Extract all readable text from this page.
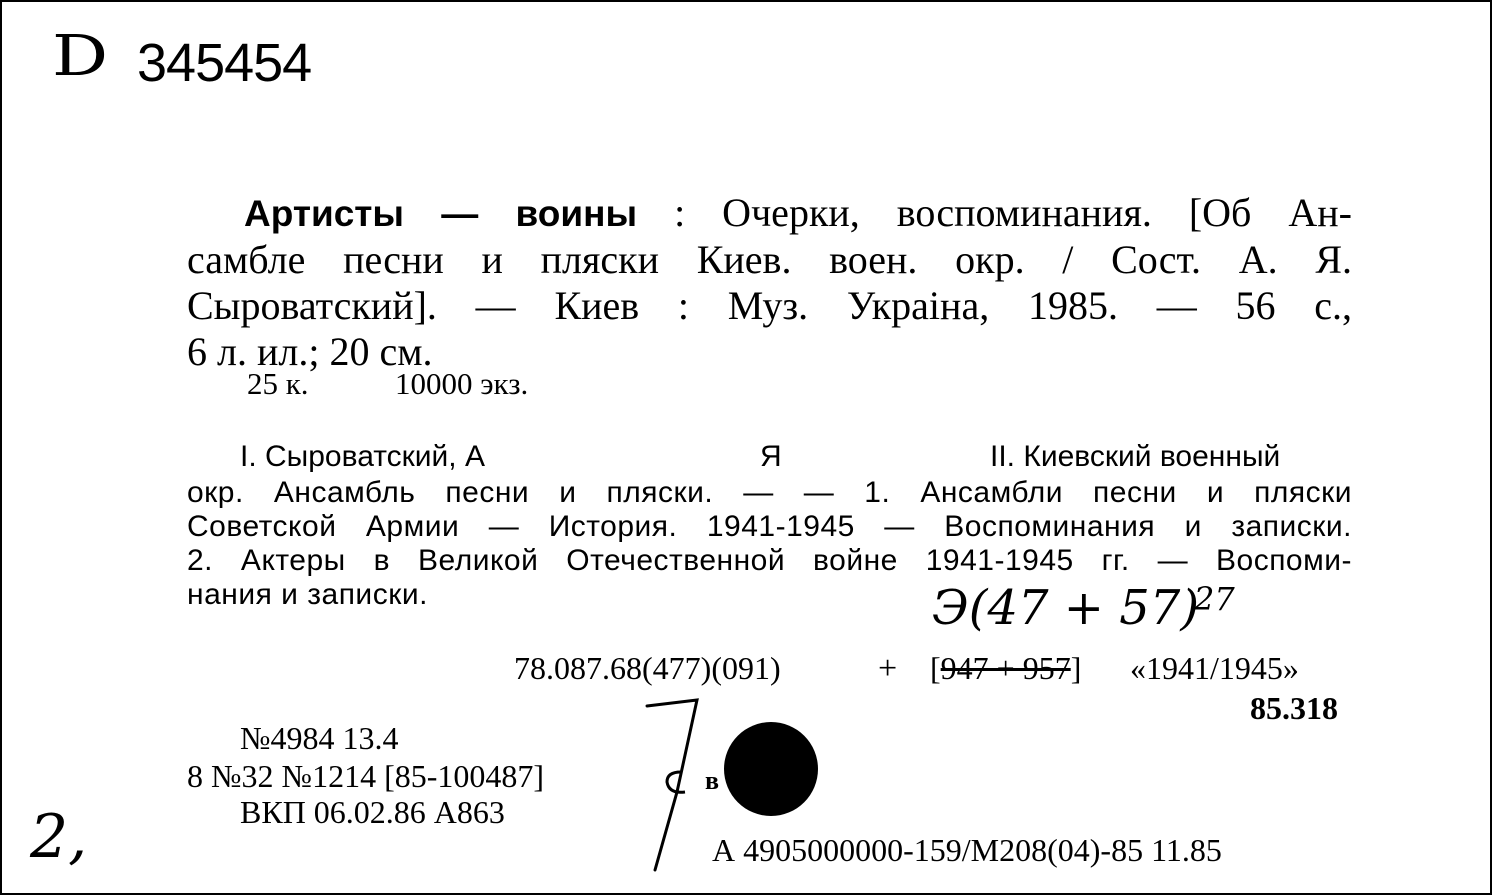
D 345454
Артисты — воины : Очерки, воспоминания. [Об Ан-
самбле песни и пляски Киев. воен. окр. / Сост. А. Я.
Сыроватский]. — Киев : Муз. Украіна, 1985. — 56 с.,
6 л. ил.; 20 см.
25 к.	10000 экз.
I. Сыроватский, А	Я	II. Киевский военный
окр. Ансамбль песни и пляски. — — 1. Ансамбли песни и пляски
Советской Армии — История. 1941-1945 — Воспоминания и записки.
2. Актеры в Великой Отечественной войне 1941-1945 гг. — Воспоми-
нания и записки.	Э(47 + 57)
27
78.087.68(477)(091)	+ [947 + 957] «1941/1945»
85.318
№4984 13.4
8 №32 №1214 [85-100487]	в
ВКП 06.02.86 А863
А 4905000000-159/М208(04)-85 11.85
2,
